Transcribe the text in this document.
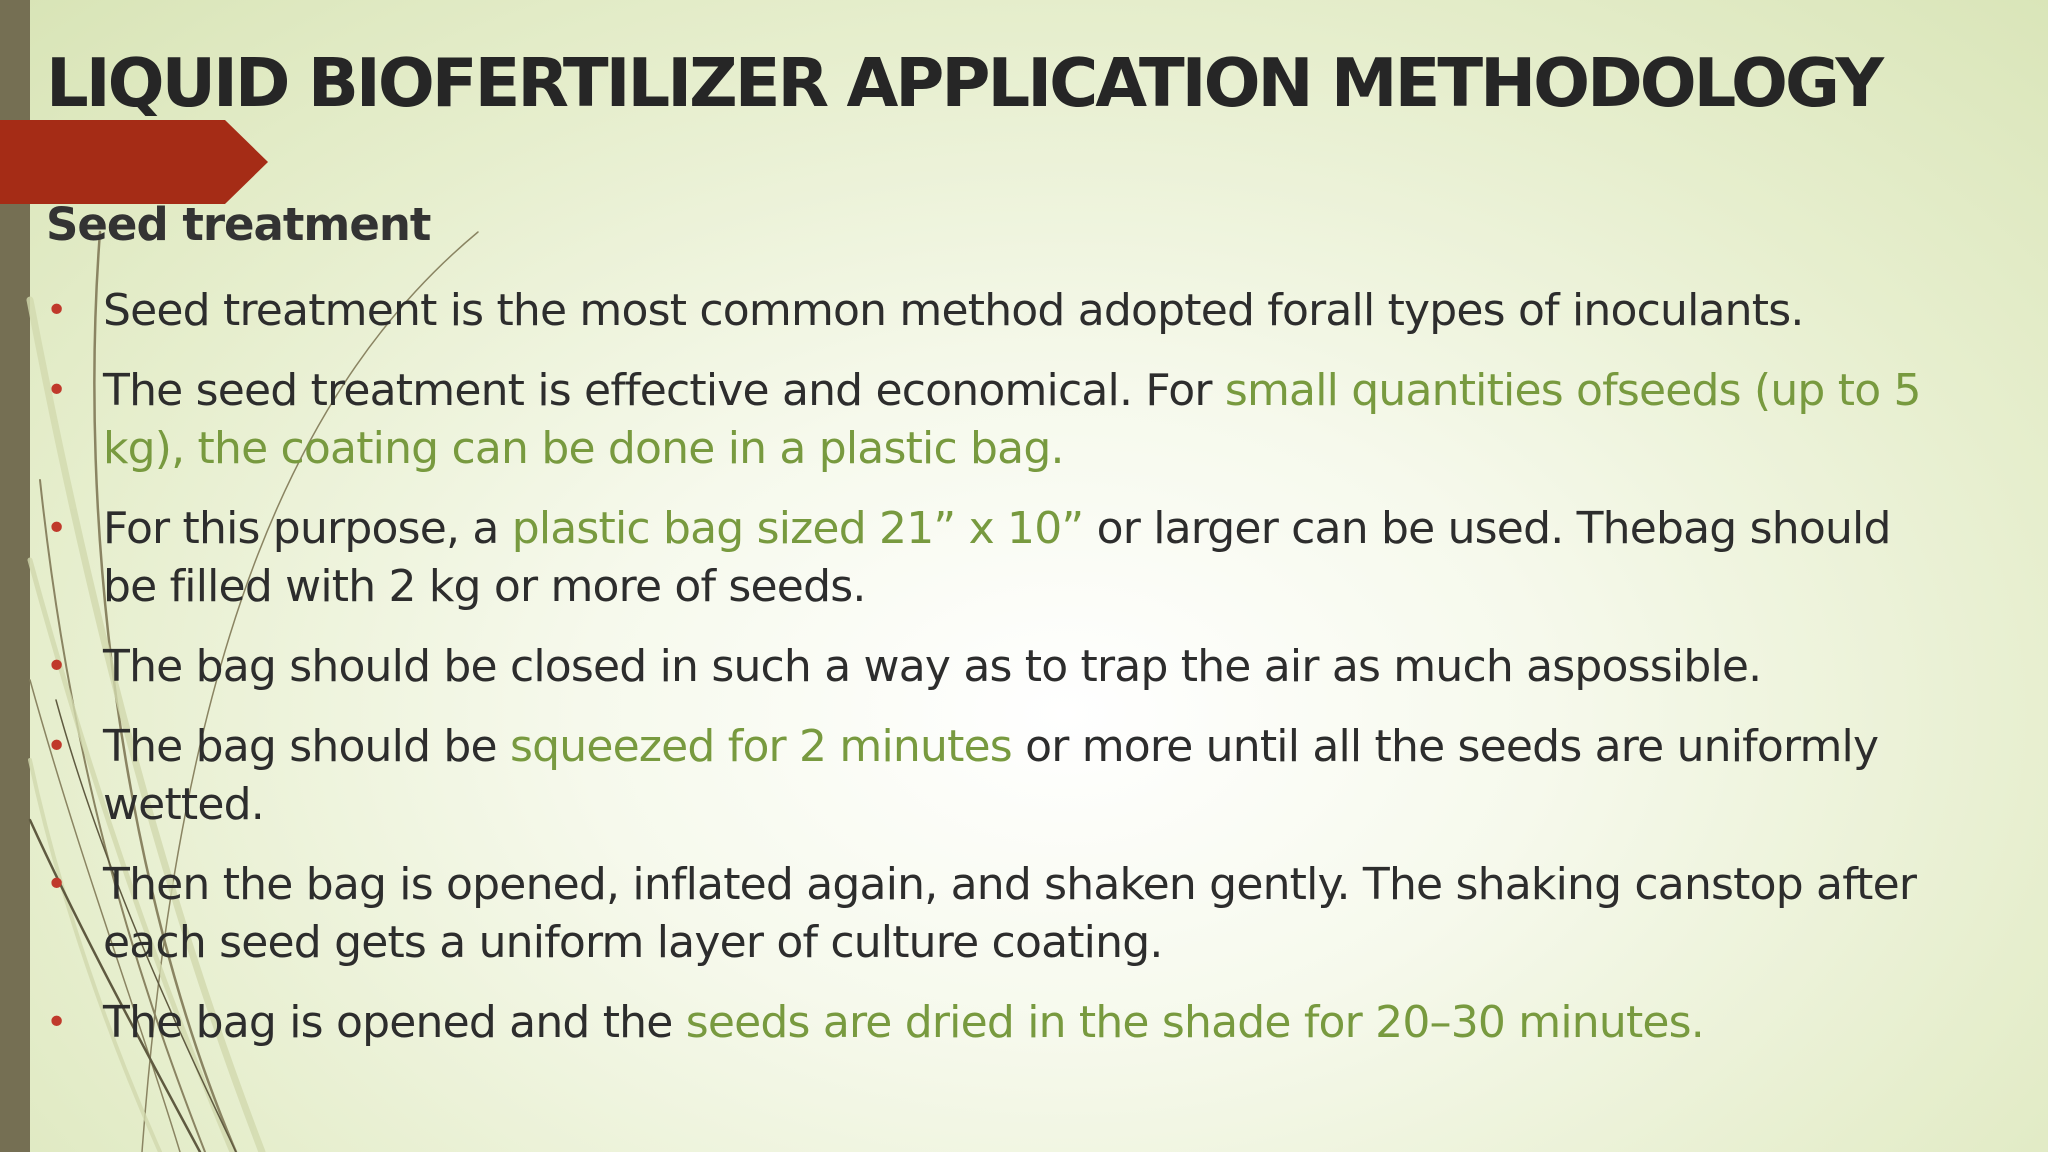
LIQUID BIOFERTILIZER APPLICATION METHODOLOGY
Seed treatment
• Seed treatment is the most common method adopted forall types of inoculants.
• The seed treatment is effective and economical. For small quantities ofseeds (up to 5 kg), the coating can be done in a plastic bag.
• For this purpose, a plastic bag sized 21” x 10” or larger can be used. Thebag should be filled with 2 kg or more of seeds.
• The bag should be closed in such a way as to trap the air as much aspossible.
• The bag should be squeezed for 2 minutes or more until all the seeds are uniformly wetted.
• Then the bag is opened, inflated again, and shaken gently. The shaking canstop after each seed gets a uniform layer of culture coating.
• The bag is opened and the seeds are dried in the shade for 20–30 minutes.
